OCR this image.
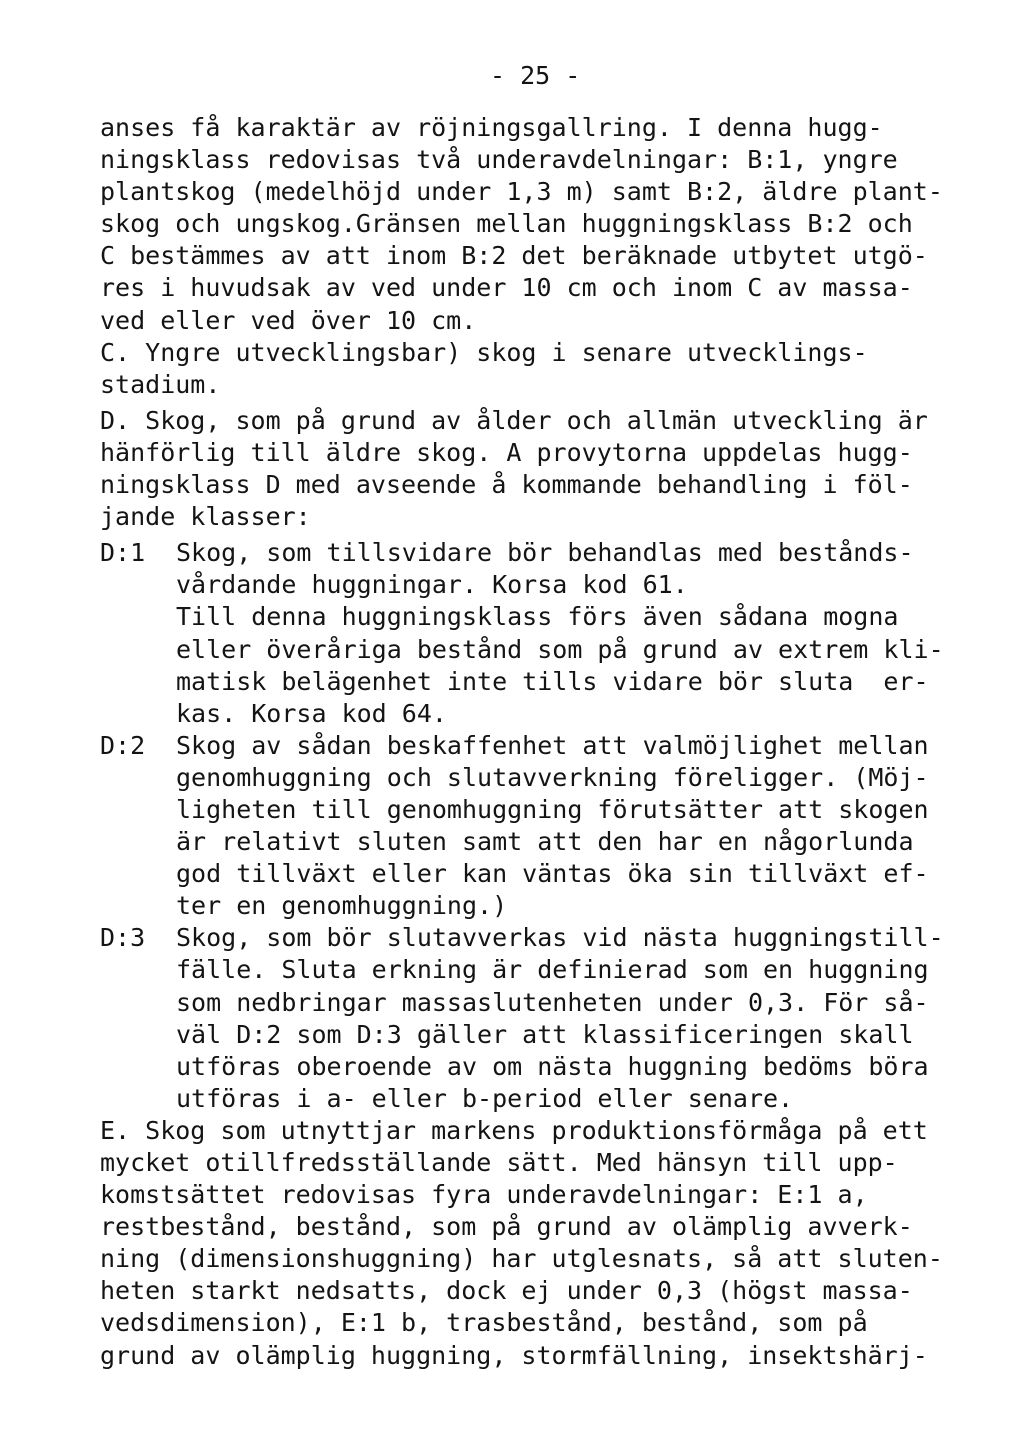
- 25 -
anses få karaktär av röjningsgallring. I denna hugg-
ningsklass redovisas två underavdelningar: B:1, yngre
plantskog (medelhöjd under 1,3 m) samt B:2, äldre plant-
skog och ungskog.Gränsen mellan huggningsklass B:2 och
C bestämmes av att inom B:2 det beräknade utbytet utgö-
res i huvudsak av ved under 10 cm och inom C av massa-
ved eller ved över 10 cm.
C. Yngre utvecklingsbar) skog i senare utvecklings-
stadium.
D. Skog, som på grund av ålder och allmän utveckling är
hänförlig till äldre skog. A provytorna uppdelas hugg-
ningsklass D med avseende å kommande behandling i föl-
jande klasser:
D:1	Skog, som tillsvidare bör behandlas med bestånds-
vårdande huggningar. Korsa kod 61.
Till denna huggningsklass förs även sådana mogna
eller överåriga bestånd som på grund av extrem kli-
matisk belägenhet inte tills vidare bör sluta  er-
kas. Korsa kod 64.
D:2	Skog av sådan beskaffenhet att valmöjlighet mellan
genomhuggning och slutavverkning föreligger. (Möj-
ligheten till genomhuggning förutsätter att skogen
är relativt sluten samt att den har en någorlunda
god tillväxt eller kan väntas öka sin tillväxt ef-
ter en genomhuggning.)
D:3	Skog, som bör slutavverkas vid nästa huggningstill-
fälle. Sluta erkning är definierad som en huggning
som nedbringar massaslutenheten under 0,3. För så-
väl D:2 som D:3 gäller att klassificeringen skall
utföras oberoende av om nästa huggning bedöms böra
utföras i a- eller b-period eller senare.
E. Skog som utnyttjar markens produktionsförmåga på ett
mycket otillfredsställande sätt. Med hänsyn till upp-
komstsättet redovisas fyra underavdelningar: E:1 a,
restbestånd, bestånd, som på grund av olämplig avverk-
ning (dimensionshuggning) har utglesnats, så att sluten-
heten starkt nedsatts, dock ej under 0,3 (högst massa-
vedsdimension), E:1 b, trasbestånd, bestånd, som på
grund av olämplig huggning, stormfällning, insektshärj-
